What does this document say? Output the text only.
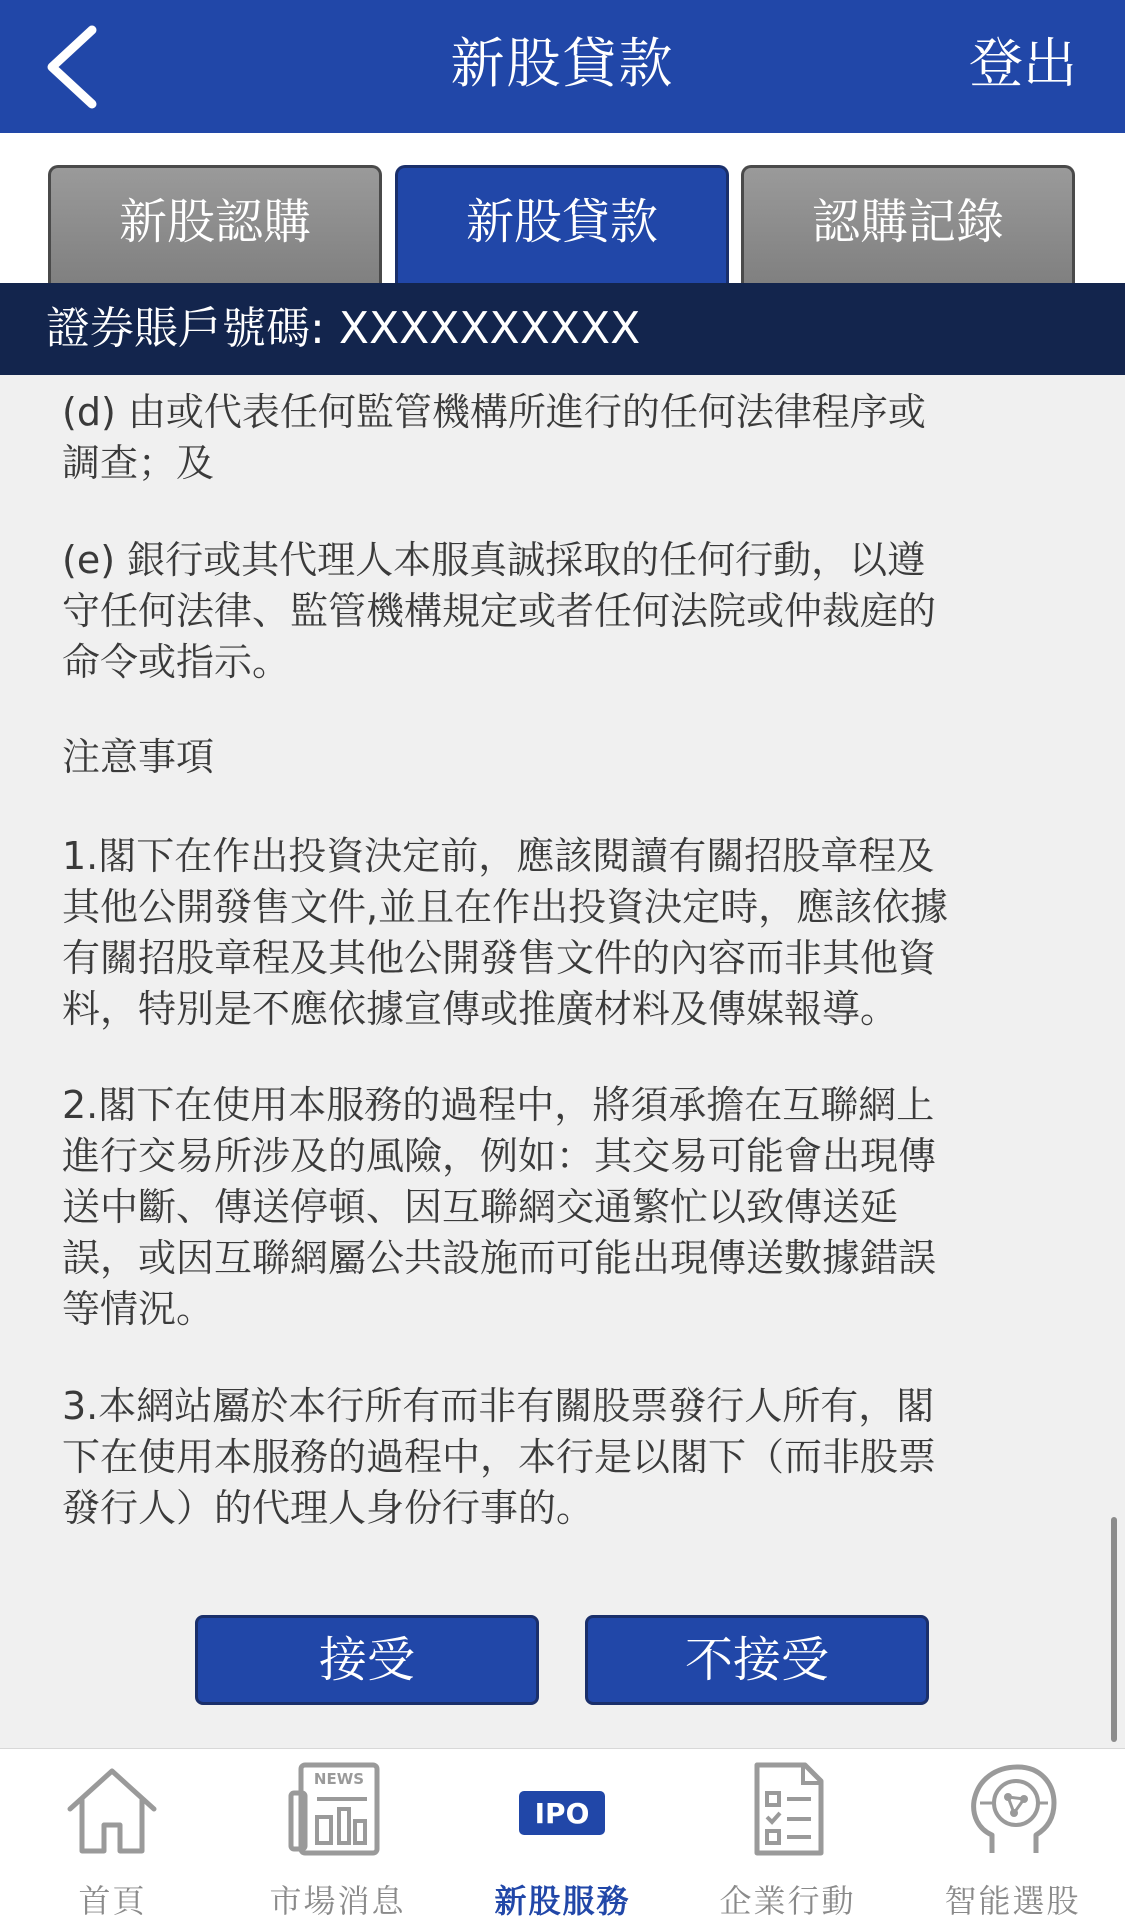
新股貸款	登出
新股認購	新股貸款	認購記錄
證券賬戶號碼: XXXXXXXXXX
(d) 由或代表任何監管機構所進行的任何法律程序或
調查；及
(e) 銀行或其代理人本服真誠採取的任何行動，以遵
守任何法律、監管機構規定或者任何法院或仲裁庭的
命令或指示。
注意事項
1.閣下在作出投資決定前，應該閱讀有關招股章程及
其他公開發售文件,並且在作出投資決定時，應該依據
有關招股章程及其他公開發售文件的內容而非其他資
料，特別是不應依據宣傳或推廣材料及傳媒報導。
2.閣下在使用本服務的過程中，將須承擔在互聯網上
進行交易所涉及的風險，例如：其交易可能會出現傳
送中斷、傳送停頓、因互聯網交通繁忙以致傳送延
誤，或因互聯網屬公共設施而可能出現傳送數據錯誤
等情況。
3.本網站屬於本行所有而非有關股票發行人所有，閣
下在使用本服務的過程中，本行是以閣下（而非股票
發行人）的代理人身份行事的。
接受	不接受
首頁
NEWS
市場消息
IPO
新股服務	企業行動	智能選股
